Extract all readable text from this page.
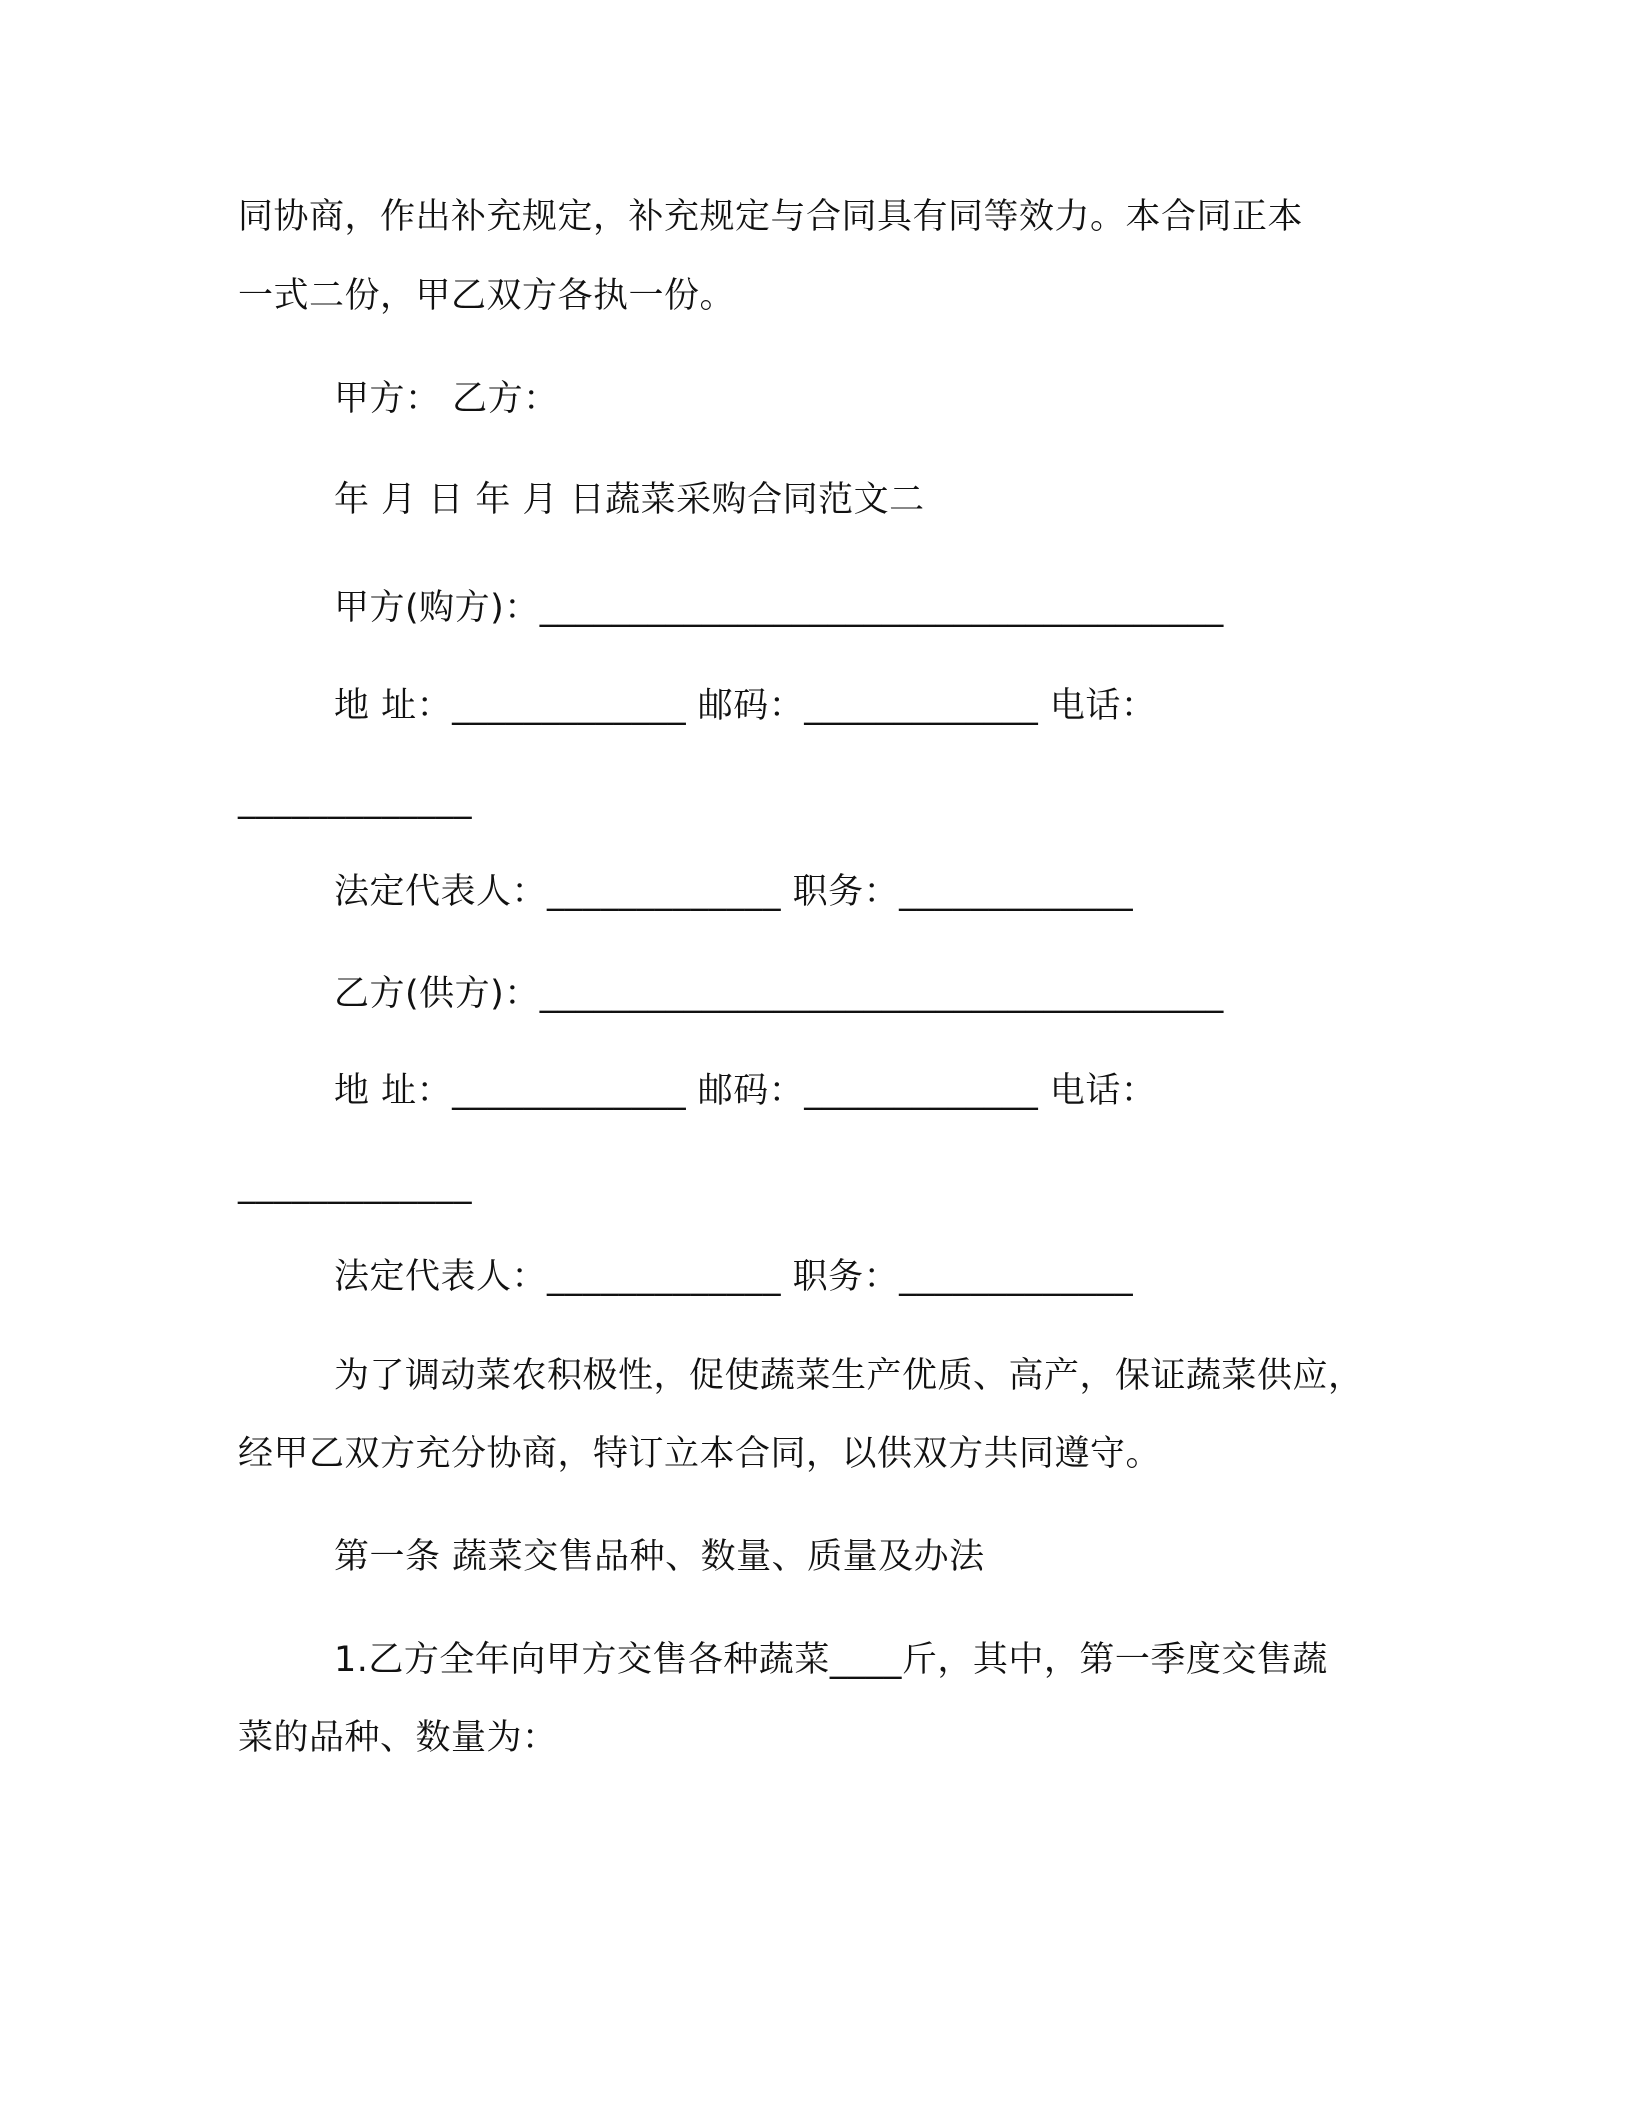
同协商，作出补充规定，补充规定与合同具有同等效力。本合同正本
一式二份，甲乙双方各执一份。
甲方： 乙方：
年 月 日 年 月 日蔬菜采购合同范文二
甲方(购方)：______________________________________
地 址：_____________ 邮码：_____________ 电话：
_____________
法定代表人：_____________ 职务：_____________
乙方(供方)：______________________________________
地 址：_____________ 邮码：_____________ 电话：
_____________
法定代表人：_____________ 职务：_____________
为了调动菜农积极性，促使蔬菜生产优质、高产，保证蔬菜供应，
经甲乙双方充分协商，特订立本合同，以供双方共同遵守。
第一条 蔬菜交售品种、数量、质量及办法
1.乙方全年向甲方交售各种蔬菜____斤，其中，第一季度交售蔬
菜的品种、数量为：
